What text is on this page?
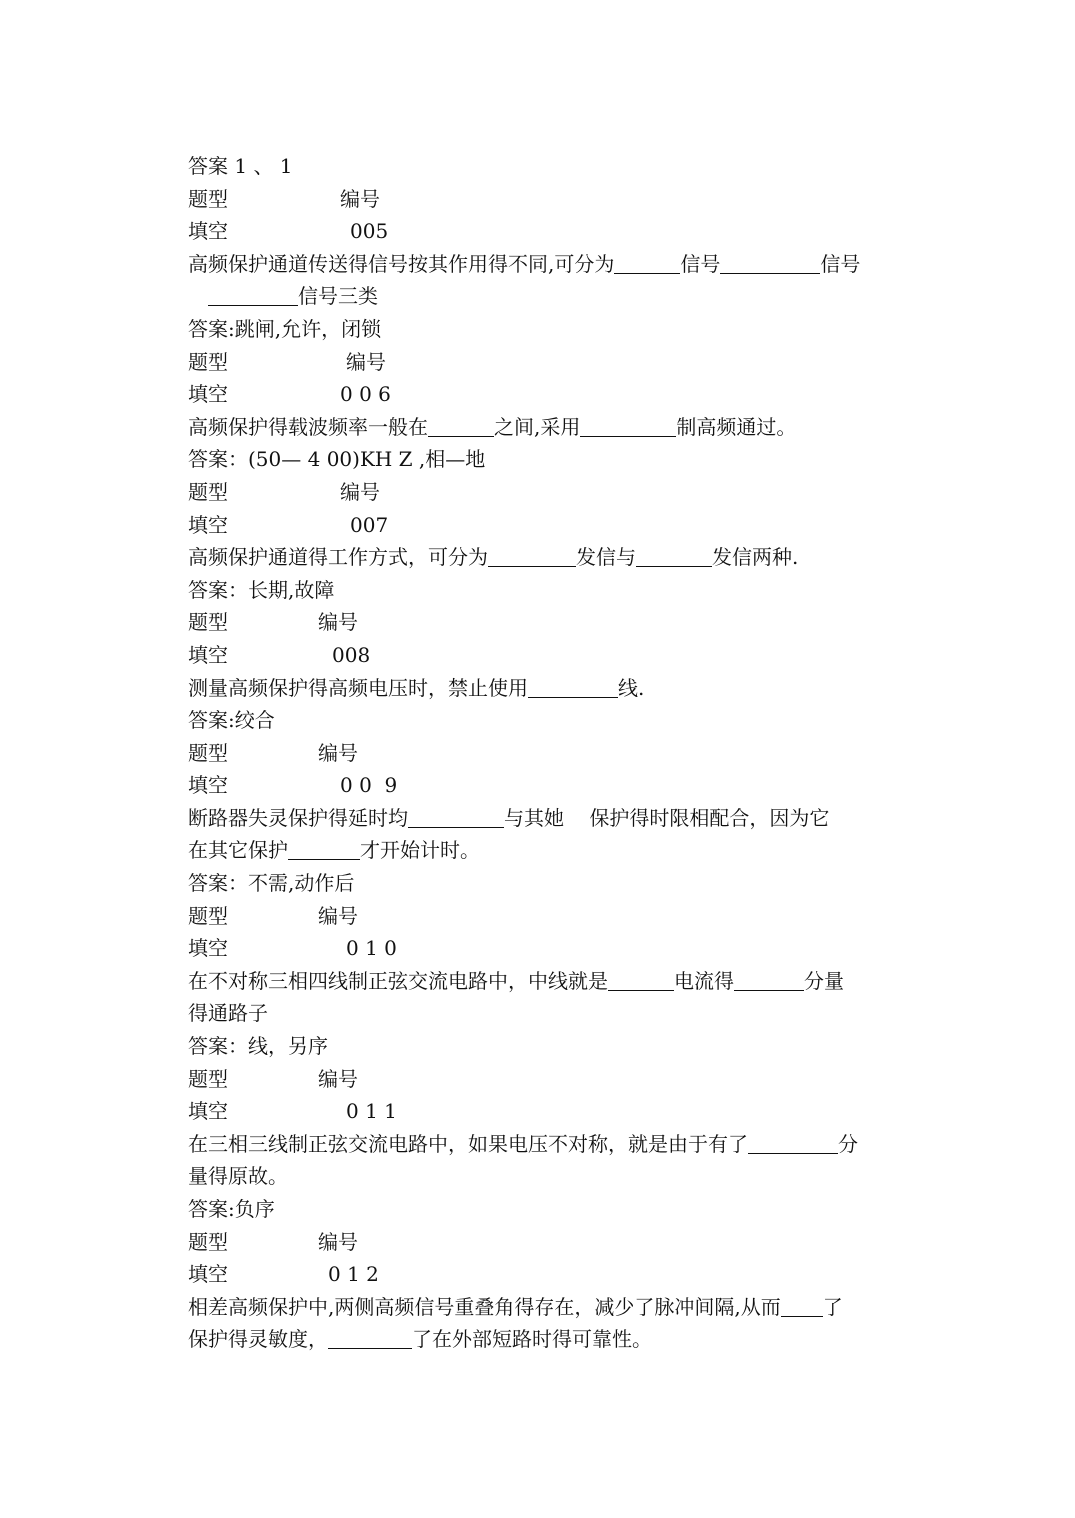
答案 1 、 1
题型	编号
填空	005
高频保护通道传送得信号按其作用得不同,可分为	信号	信号
信号三类
答案:跳闸,允许，闭锁
题型	编号
填空	0 0 6
高频保护得载波频率一般在	之间,采用	制高频通过。
答案：(50— 4 00)KH Z ,相—地
题型	编号
填空	007
高频保护通道得工作方式，可分为	发信与	发信两种.
答案：长期,故障
题型	编号
填空	008
测量高频保护得高频电压时，禁止使用	线.
答案:绞合
题型	编号
填空	0 0  9
断路器失灵保护得延时均	与其她    保护得时限相配合，因为它
在其它保护	才开始计时。
答案：不需,动作后
题型	编号
填空	0 1 0
在不对称三相四线制正弦交流电路中，中线就是	电流得	分量
得通路子
答案：线，另序
题型	编号
填空	0 1 1
在三相三线制正弦交流电路中，如果电压不对称，就是由于有了	分
量得原故。
答案:负序
题型	编号
填空	0 1 2
相差高频保护中,两侧高频信号重叠角得存在，减少了脉冲间隔,从而 了
保护得灵敏度，	了在外部短路时得可靠性。
